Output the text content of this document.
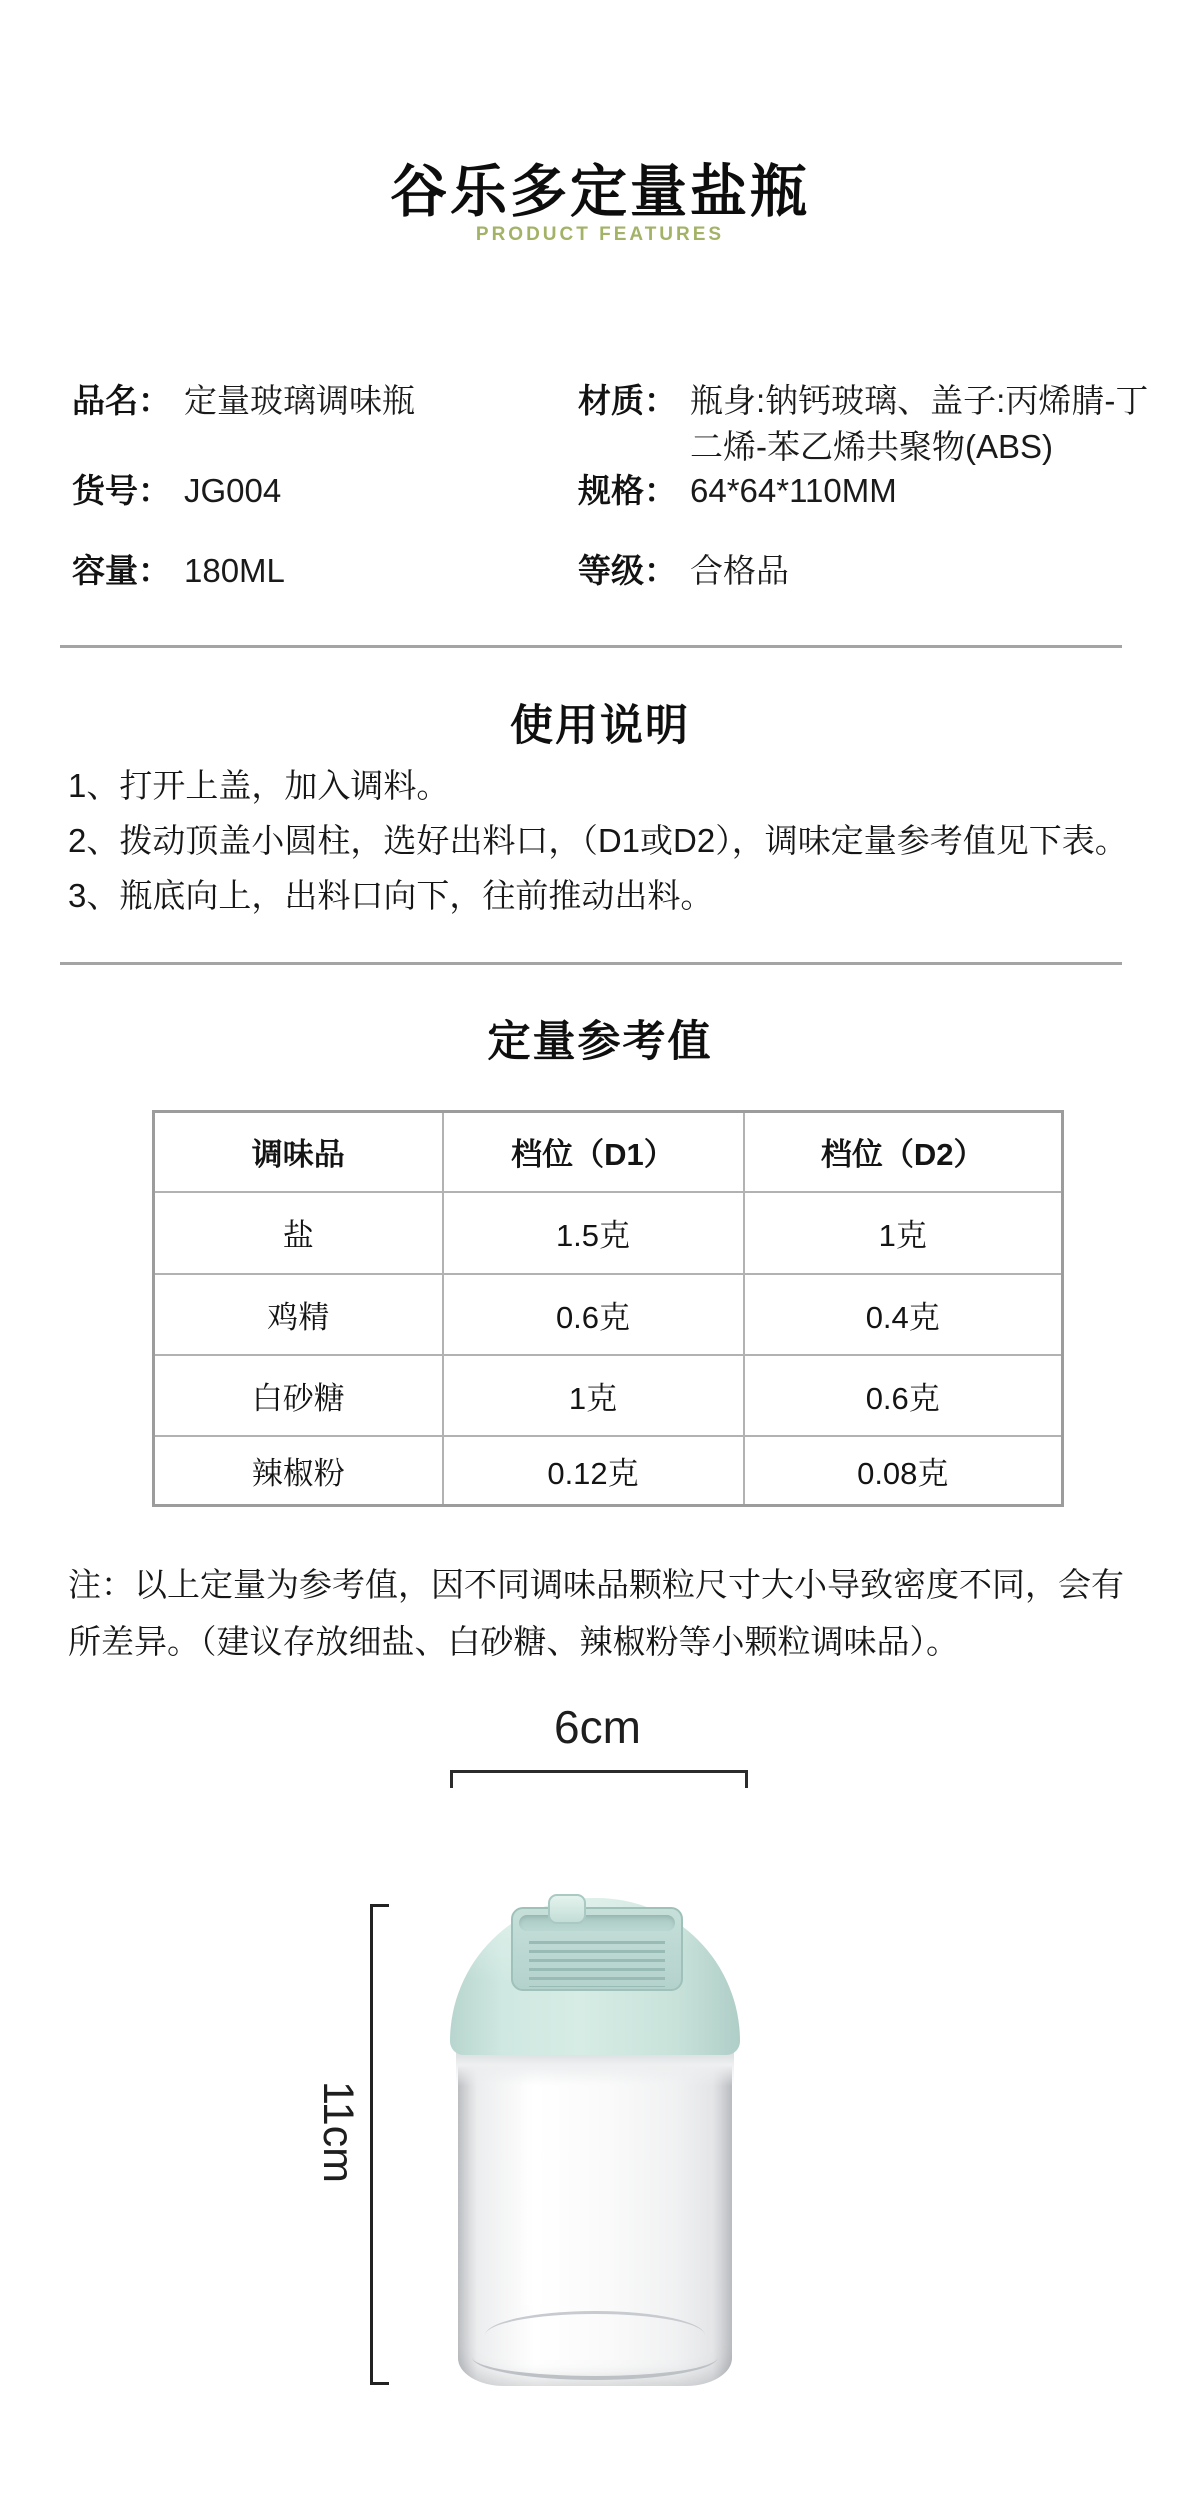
谷乐多定量盐瓶
PRODUCT FEATURES
品名： 定量玻璃调味瓶	材质： 瓶身:钠钙玻璃、盖子:丙烯腈-丁二烯-苯乙烯共聚物(ABS)
货号： JG004	规格： 64*64*110MM
容量： 180ML	等级： 合格品
使用说明
1、打开上盖，加入调料。
2、拨动顶盖小圆柱，选好出料口，（D1或D2），调味定量参考值见下表。
3、瓶底向上，出料口向下，往前推动出料。
定量参考值
调味品	档位（D1）	档位（D2）
盐	1.5克	1克
鸡精	0.6克	0.4克
白砂糖	1克	0.6克
辣椒粉	0.12克	0.08克
注：以上定量为参考值，因不同调味品颗粒尺寸大小导致密度不同，会有所差异。（建议存放细盐、白砂糖、辣椒粉等小颗粒调味品）。
6cm
11cm
